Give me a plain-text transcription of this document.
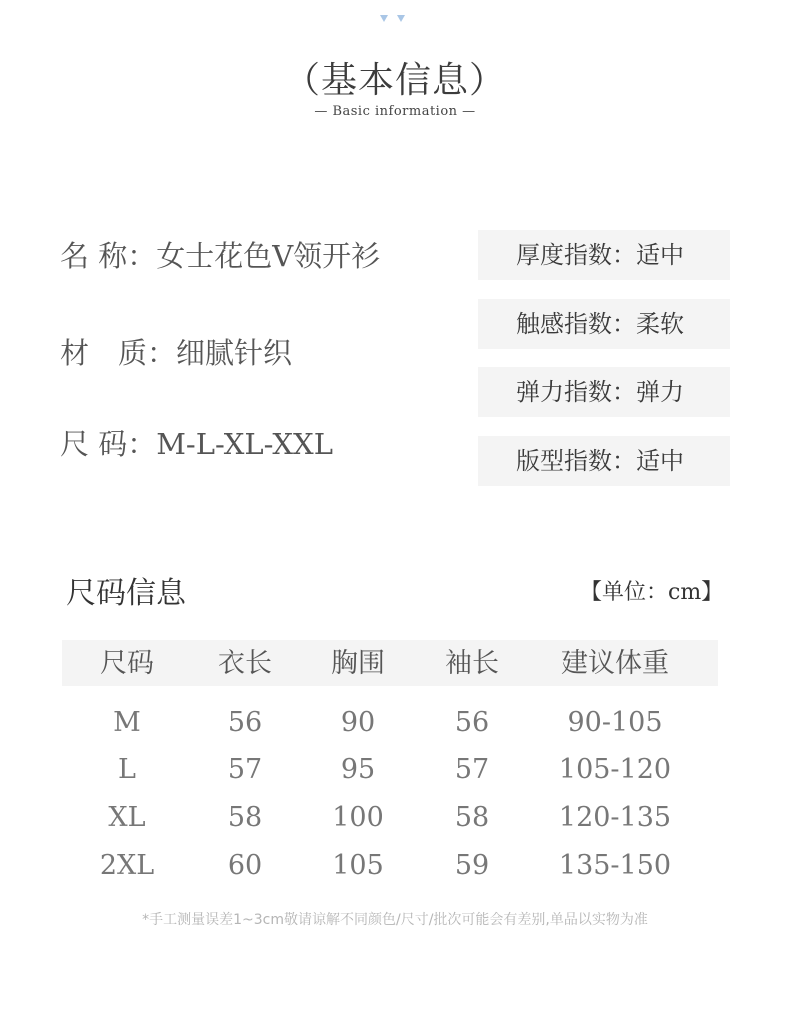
（基本信息）
— Basic information —
名 称：女士花色V领开衫
材　质：细腻针织
尺 码：M-L-XL-XXL
厚度指数：适中
触感指数：柔软
弹力指数：弹力
版型指数：适中
尺码信息	【单位：cm】
尺码	衣长	胸围	袖长	建议体重
M	56	90	56	90-105
L	57	95	57	105-120
XL	58	100	58	120-135
2XL	60	105	59	135-150
*手工测量误差1~3cm敬请谅解不同颜色/尺寸/批次可能会有差别,单品以实物为准
